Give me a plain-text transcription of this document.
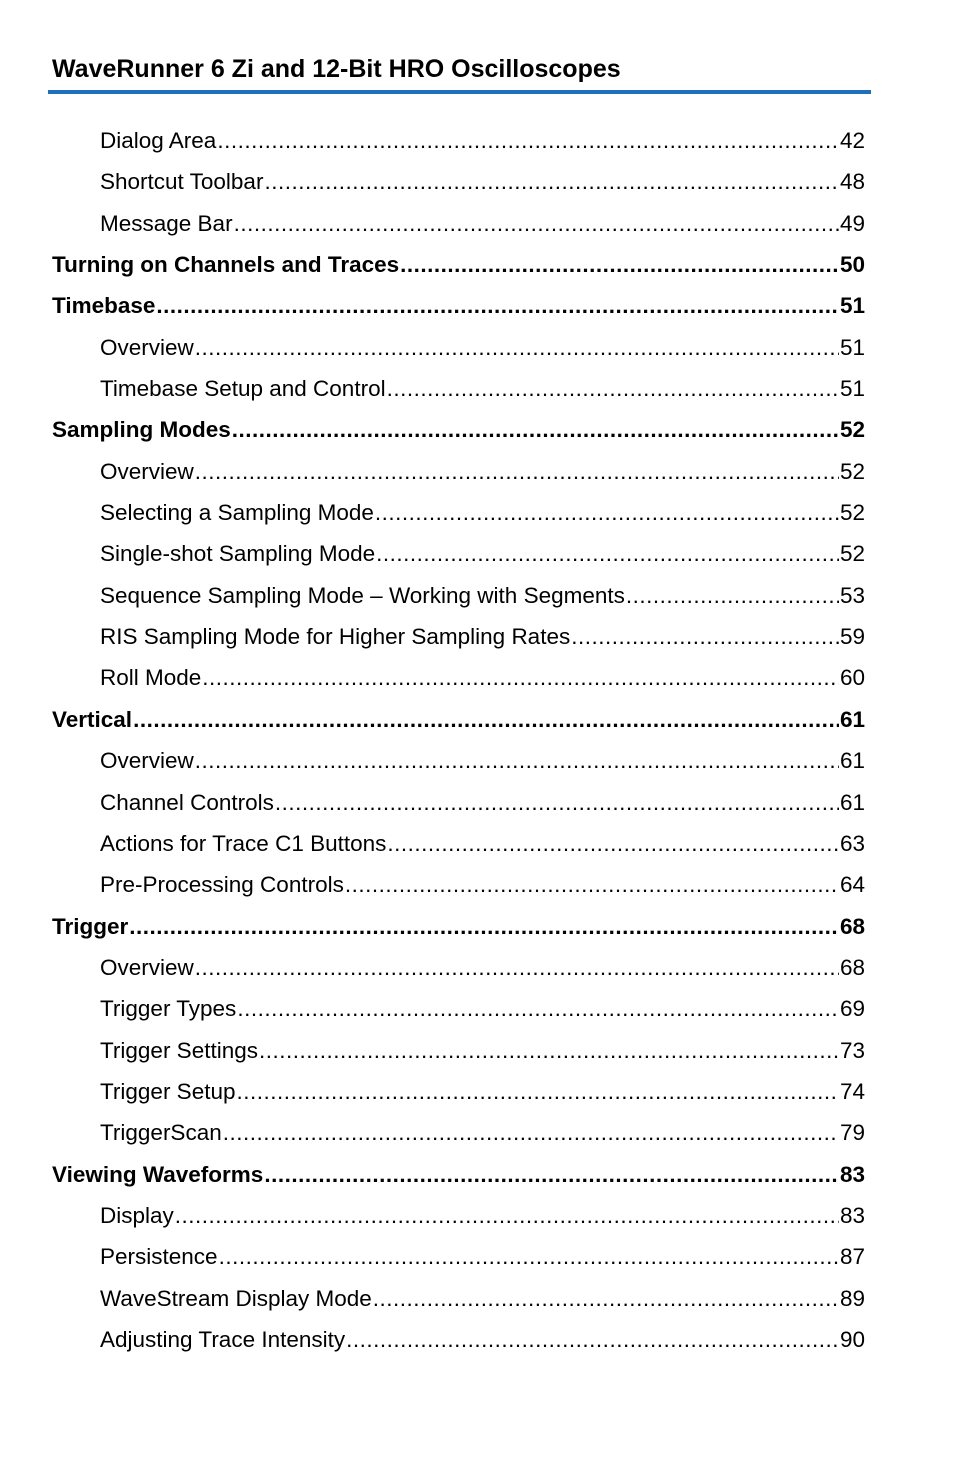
WaveRunner 6 Zi and 12-Bit HRO Oscilloscopes
Dialog Area .....	42
Shortcut Toolbar .....	48
Message Bar .....	49
Turning on Channels and Traces .....	50
Timebase .....	51
Overview .....	51
Timebase Setup and Control .....	51
Sampling Modes .....	52
Overview .....	52
Selecting a Sampling Mode .....	52
Single-shot Sampling Mode .....	52
Sequence Sampling Mode – Working with Segments .....	53
RIS Sampling Mode for Higher Sampling Rates .....	59
Roll Mode .....	60
Vertical .....	61
Overview .....	61
Channel Controls .....	61
Actions for Trace C1 Buttons .....	63
Pre-Processing Controls .....	64
Trigger .....	68
Overview .....	68
Trigger Types .....	69
Trigger Settings .....	73
Trigger Setup .....	74
TriggerScan .....	79
Viewing Waveforms .....	83
Display .....	83
Persistence .....	87
WaveStream Display Mode .....	89
Adjusting Trace Intensity .....	90
